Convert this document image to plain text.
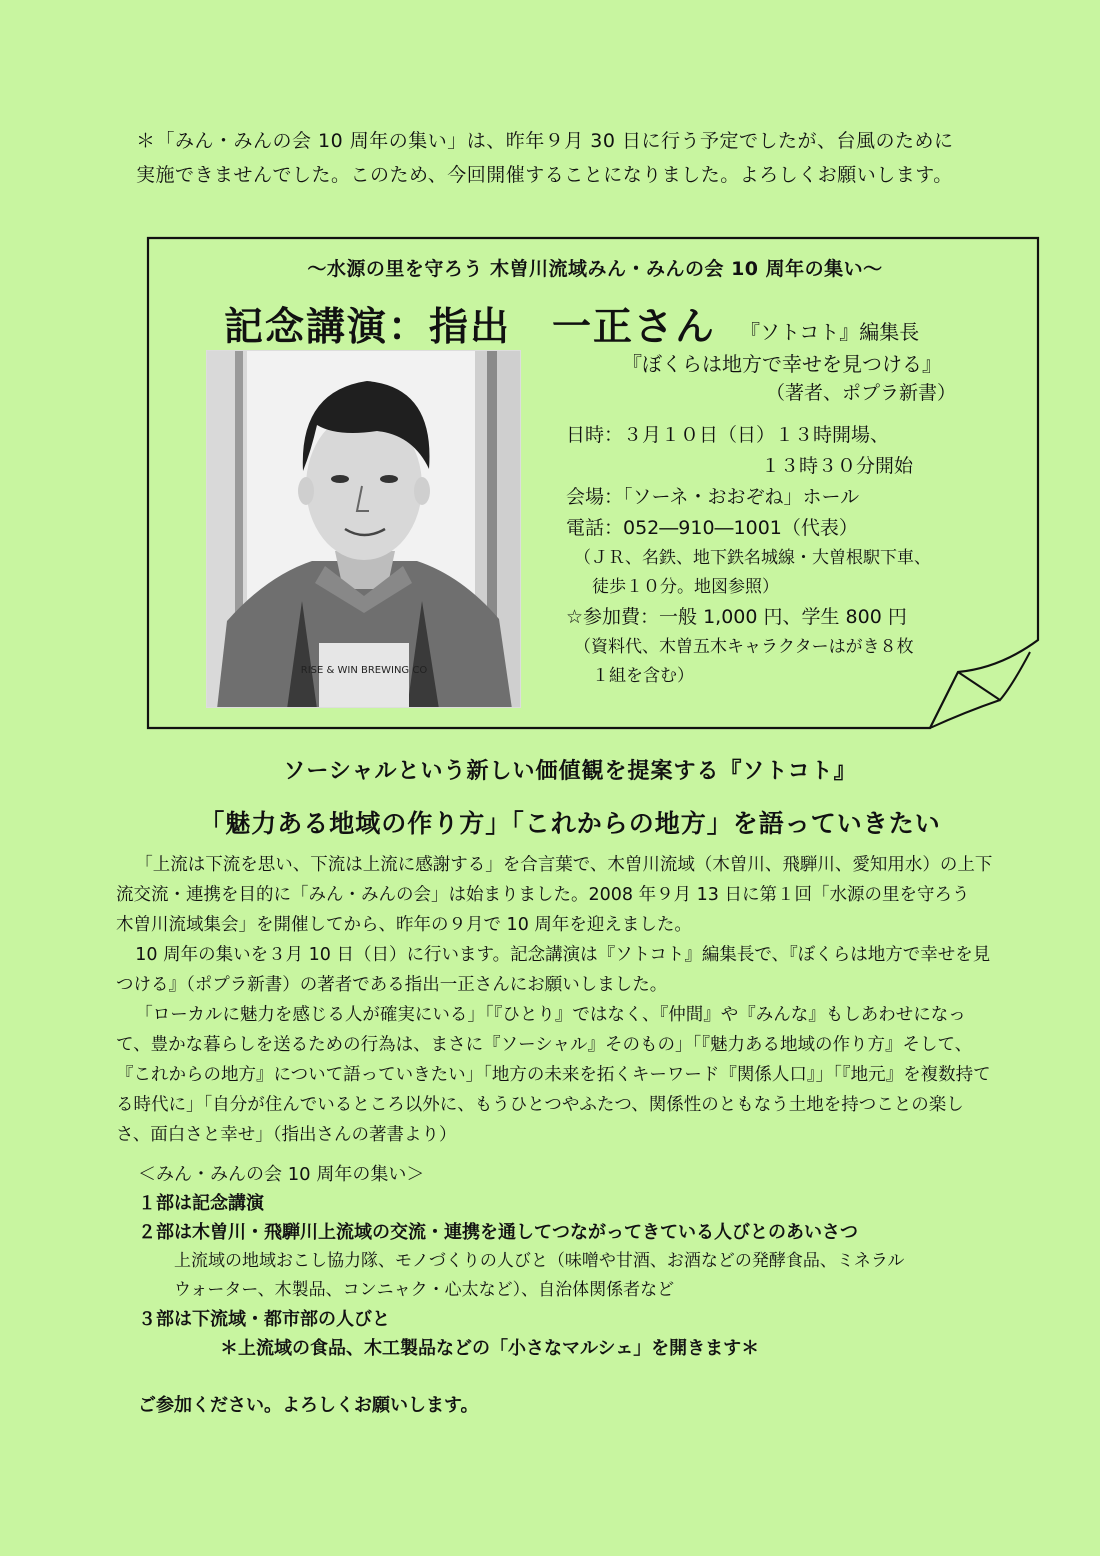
＊「みん・みんの会 10 周年の集い」は、昨年９月 30 日に行う予定でしたが、台風のために

実施できませんでした。このため、今回開催することになりました。よろしくお願いします。

～水源の里を守ろう 木曽川流域みん・みんの会 10 周年の集い～
記念講演：指出　一正さん 『ソトコト』編集長
『ぼくらは地方で幸せを見つける』
（著者、ポプラ新書）
RISE & WIN BREWING CO
日時：３月１０日（日）１３時開場、
１３時３０分開始
会場：「ソーネ・おおぞね」ホール
電話：052―910―1001（代表）
（ＪＲ、名鉄、地下鉄名城線・大曽根駅下車、
徒歩１０分。地図参照）
☆参加費：一般 1,000 円、学生 800 円
（資料代、木曽五木キャラクターはがき８枚
１組を含む）
ソーシャルという新しい価値観を提案する『ソトコト』
「魅力ある地域の作り方」「これからの地方」を語っていきたい

「上流は下流を思い、下流は上流に感謝する」を合言葉で、木曽川流域（木曽川、飛騨川、愛知用水）の上下流交流・連携を目的に「みん・みんの会」は始まりました。2008 年９月 13 日に第１回「水源の里を守ろう　木曽川流域集会」を開催してから、昨年の９月で 10 周年を迎えました。

10 周年の集いを３月 10 日（日）に行います。記念講演は『ソトコト』編集長で、『ぼくらは地方で幸せを見つける』（ポプラ新書）の著者である指出一正さんにお願いしました。

「ローカルに魅力を感じる人が確実にいる」「『ひとり』ではなく、『仲間』や『みんな』もしあわせになって、豊かな暮らしを送るための行為は、まさに『ソーシャル』そのもの」「『魅力ある地域の作り方』そして、『これからの地方』について語っていきたい」「地方の未来を拓くキーワード『関係人口』」「『地元』を複数持てる時代に」「自分が住んでいるところ以外に、もうひとつやふたつ、関係性のともなう土地を持つことの楽しさ、面白さと幸せ」（指出さんの著書より）

＜みん・みんの会 10 周年の集い＞
１部は記念講演
２部は木曽川・飛騨川上流域の交流・連携を通してつながってきている人びとのあいさつ
上流域の地域おこし協力隊、モノづくりの人びと（味噌や甘酒、お酒などの発酵食品、ミネラル
ウォーター、木製品、コンニャク・心太など）、自治体関係者など
３部は下流域・都市部の人びと
＊上流域の食品、木工製品などの「小さなマルシェ」を開きます＊
ご参加ください。よろしくお願いします。
